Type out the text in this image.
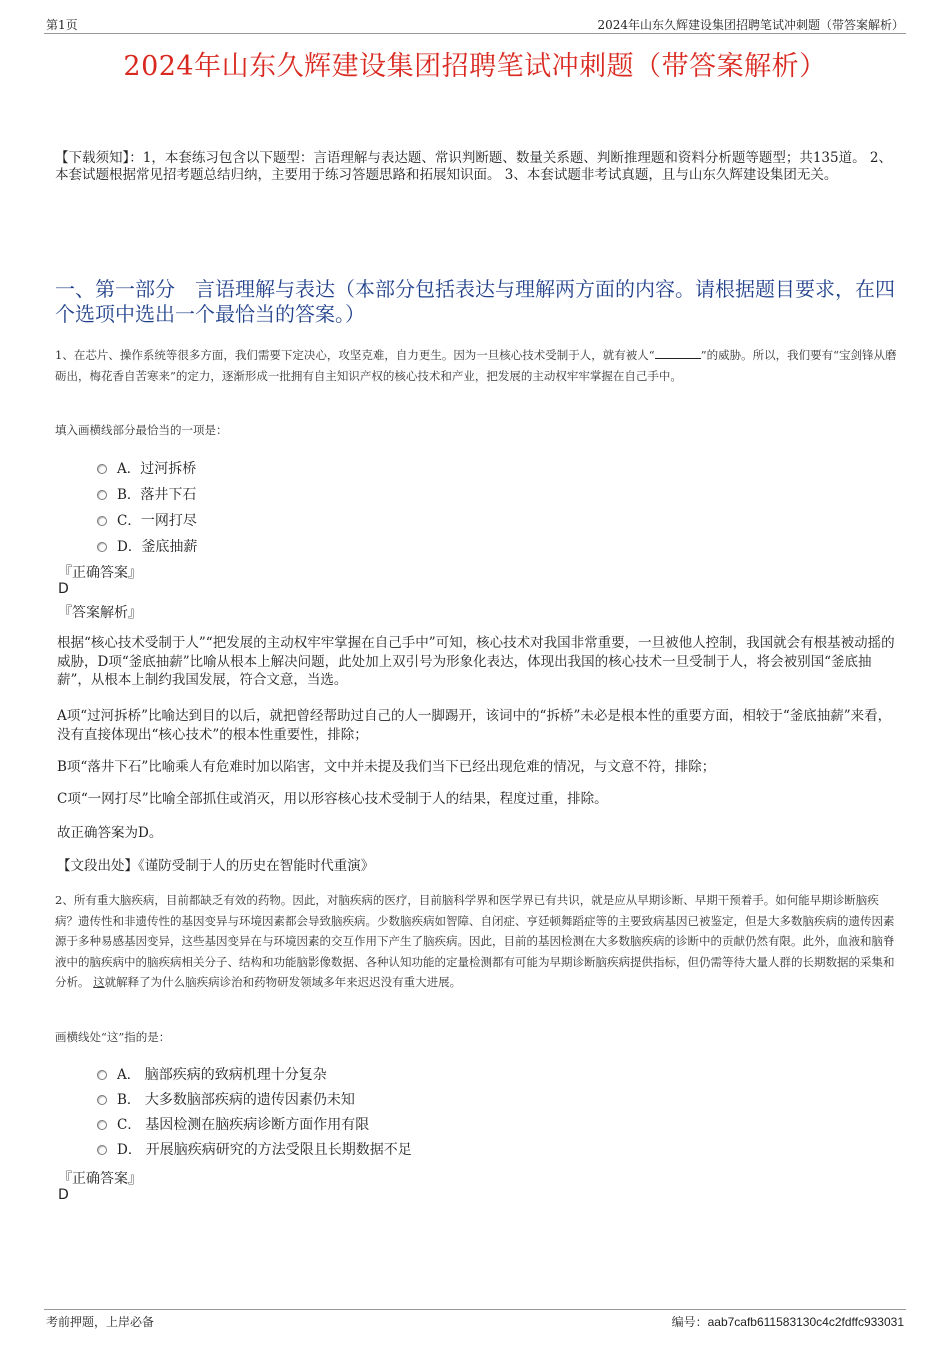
第1页	2024年山东久辉建设集团招聘笔试冲刺题（带答案解析）
2024年山东久辉建设集团招聘笔试冲刺题（带答案解析）
【下载须知】：1，本套练习包含以下题型：言语理解与表达题、常识判断题、数量关系题、判断推理题和资料分析题等题型；共135道。 2、本套试题根据常见招考题总结归纳，主要用于练习答题思路和拓展知识面。 3、本套试题非考试真题，且与山东久辉建设集团无关。
一、第一部分　言语理解与表达（本部分包括表达与理解两方面的内容。请根据题目要求，在四个选项中选出一个最恰当的答案。）
1、在芯片、操作系统等很多方面，我们需要下定决心，攻坚克难，自力更生。因为一旦核心技术受制于人，就有被人“	”的威胁。所以，我们要有“宝剑锋从磨砺出，梅花香自苦寒来”的定力，逐渐形成一批拥有自主知识产权的核心技术和产业，把发展的主动权牢牢掌握在自己手中。
填入画横线部分最恰当的一项是：
A．过河拆桥
B．落井下石
C．一网打尽
D．釜底抽薪
『正确答案』
D
『答案解析』
根据“核心技术受制于人”“把发展的主动权牢牢掌握在自己手中”可知，核心技术对我国非常重要，一旦被他人控制，我国就会有根基被动摇的威胁，D项“釜底抽薪”比喻从根本上解决问题，此处加上双引号为形象化表达，体现出我国的核心技术一旦受制于人，将会被别国“釜底抽薪”，从根本上制约我国发展，符合文意，当选。
A项“过河拆桥”比喻达到目的以后，就把曾经帮助过自己的人一脚踢开，该词中的“拆桥”未必是根本性的重要方面，相较于“釜底抽薪”来看，没有直接体现出“核心技术”的根本性重要性，排除；
B项“落井下石”比喻乘人有危难时加以陷害，文中并未提及我们当下已经出现危难的情况，与文意不符，排除；
C项“一网打尽”比喻全部抓住或消灭，用以形容核心技术受制于人的结果，程度过重，排除。
故正确答案为D。
【文段出处】《谨防受制于人的历史在智能时代重演》
2、所有重大脑疾病，目前都缺乏有效的药物。因此，对脑疾病的医疗，目前脑科学界和医学界已有共识，就是应从早期诊断、早期干预着手。如何能早期诊断脑疾病？遗传性和非遗传性的基因变异与环境因素都会导致脑疾病。少数脑疾病如智障、自闭症、亨廷顿舞蹈症等的主要致病基因已被鉴定，但是大多数脑疾病的遗传因素源于多种易感基因变异，这些基因变异在与环境因素的交互作用下产生了脑疾病。因此，目前的基因检测在大多数脑疾病的诊断中的贡献仍然有限。此外，血液和脑脊液中的脑疾病中的脑疾病相关分子、结构和功能脑影像数据、各种认知功能的定量检测都有可能为早期诊断脑疾病提供指标，但仍需等待大量人群的长期数据的采集和分析。 这就解释了为什么脑疾病诊治和药物研发领域多年来迟迟没有重大进展。
画横线处“这”指的是：
A． 脑部疾病的致病机理十分复杂
B． 大多数脑部疾病的遗传因素仍未知
C． 基因检测在脑疾病诊断方面作用有限
D． 开展脑疾病研究的方法受限且长期数据不足
『正确答案』
D
考前押题，上岸必备	编号：aab7cafb611583130c4c2fdffc933031
